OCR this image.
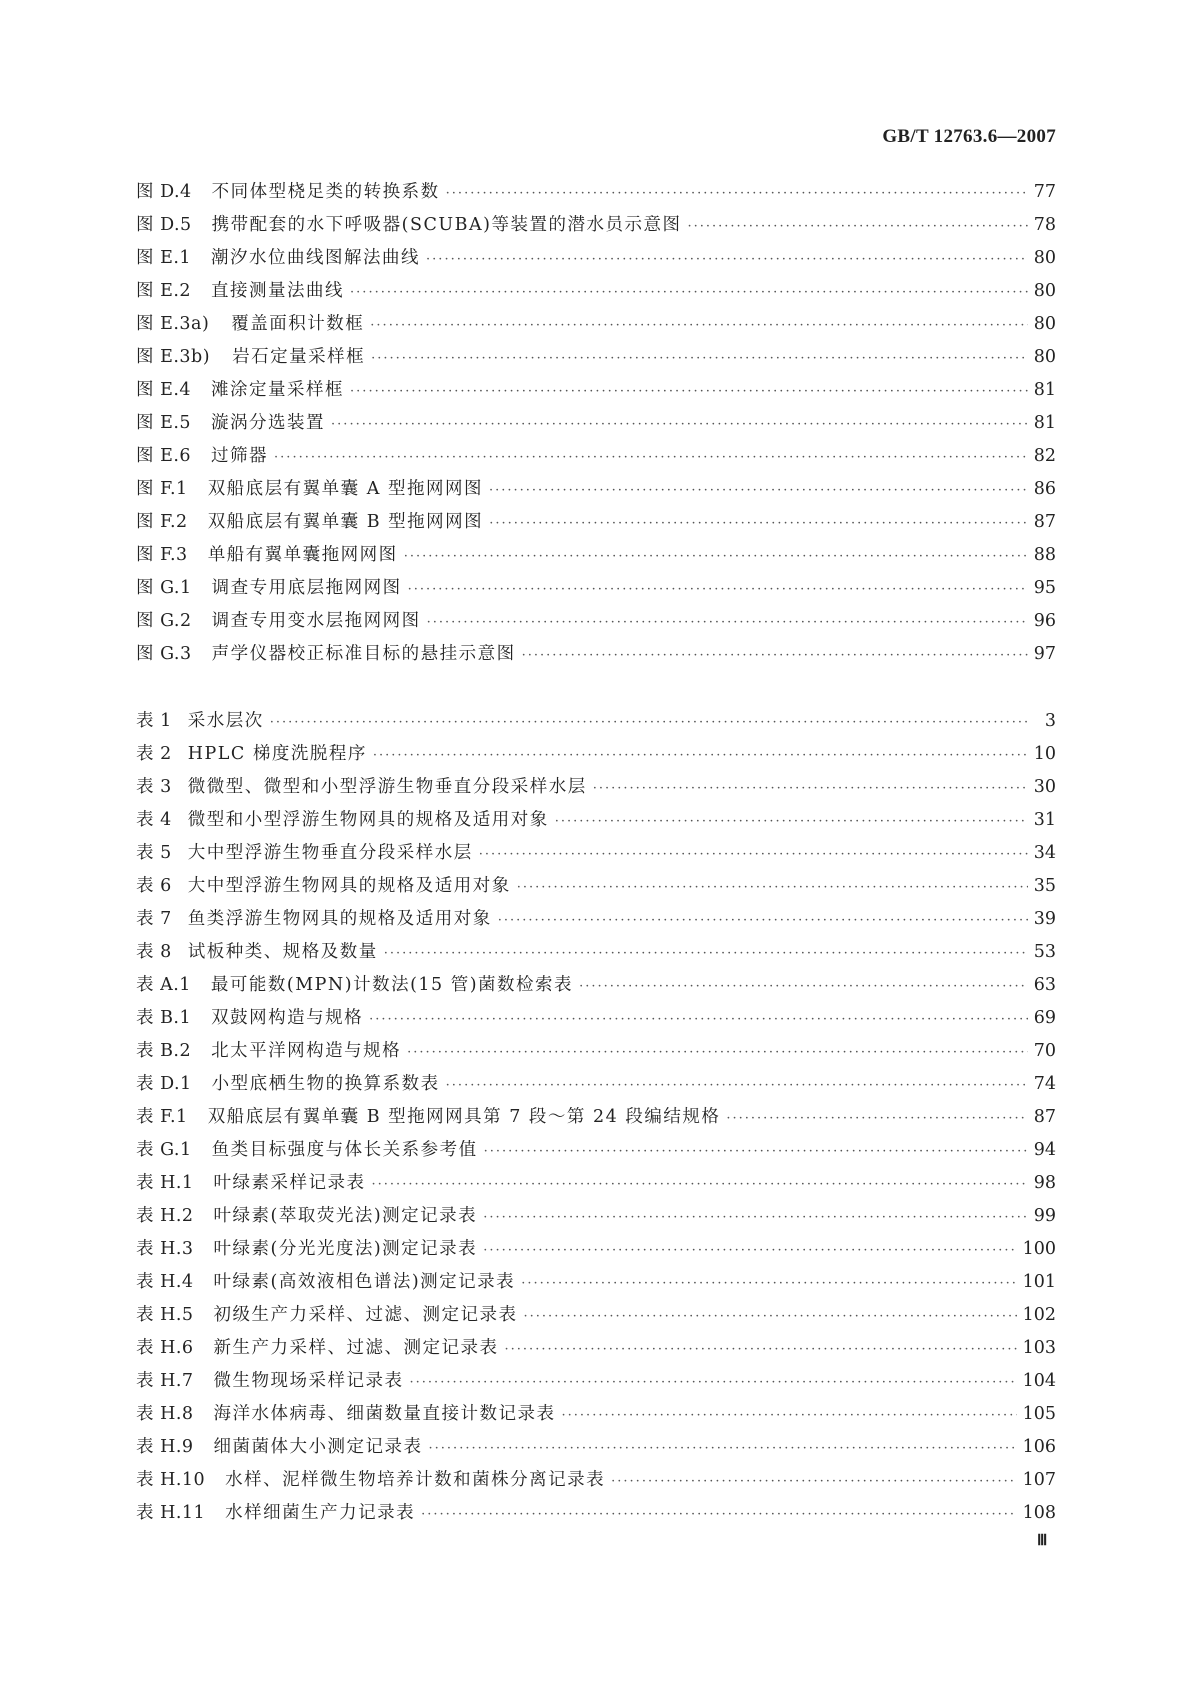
GB/T 12763.6—2007
图 D.4 不同体型桡足类的转换系数 ·····	77
图 D.5 携带配套的水下呼吸器(SCUBA)等装置的潜水员示意图 ·····	78
图 E.1 潮汐水位曲线图解法曲线 ·····	80
图 E.2 直接测量法曲线 ·····	80
图 E.3a) 覆盖面积计数框 ·····	80
图 E.3b) 岩石定量采样框 ·····	80
图 E.4 滩涂定量采样框 ·····	81
图 E.5 漩涡分选装置 ·····	81
图 E.6 过筛器 ·····	82
图 F.1 双船底层有翼单囊 A 型拖网网图 ·····	86
图 F.2 双船底层有翼单囊 B 型拖网网图 ·····	87
图 F.3 单船有翼单囊拖网网图 ·····	88
图 G.1 调查专用底层拖网网图 ·····	95
图 G.2 调查专用变水层拖网网图 ·····	96
图 G.3 声学仪器校正标准目标的悬挂示意图 ·····	97
表 1 采水层次 ·····	3
表 2 HPLC 梯度洗脱程序 ·····	10
表 3 微微型、微型和小型浮游生物垂直分段采样水层 ·····	30
表 4 微型和小型浮游生物网具的规格及适用对象 ·····	31
表 5 大中型浮游生物垂直分段采样水层 ·····	34
表 6 大中型浮游生物网具的规格及适用对象 ·····	35
表 7 鱼类浮游生物网具的规格及适用对象 ·····	39
表 8 试板种类、规格及数量 ·····	53
表 A.1 最可能数(MPN)计数法(15 管)菌数检索表 ·····	63
表 B.1 双鼓网构造与规格 ·····	69
表 B.2 北太平洋网构造与规格 ·····	70
表 D.1 小型底栖生物的换算系数表 ·····	74
表 F.1 双船底层有翼单囊 B 型拖网网具第 7 段～第 24 段编结规格 ·····	87
表 G.1 鱼类目标强度与体长关系参考值 ·····	94
表 H.1 叶绿素采样记录表 ·····	98
表 H.2 叶绿素(萃取荧光法)测定记录表 ·····	99
表 H.3 叶绿素(分光光度法)测定记录表 ·····	100
表 H.4 叶绿素(高效液相色谱法)测定记录表 ·····	101
表 H.5 初级生产力采样、过滤、测定记录表 ·····	102
表 H.6 新生产力采样、过滤、测定记录表 ·····	103
表 H.7 微生物现场采样记录表 ·····	104
表 H.8 海洋水体病毒、细菌数量直接计数记录表 ·····	105
表 H.9 细菌菌体大小测定记录表 ·····	106
表 H.10 水样、泥样微生物培养计数和菌株分离记录表 ·····	107
表 H.11 水样细菌生产力记录表 ·····	108
Ⅲ
